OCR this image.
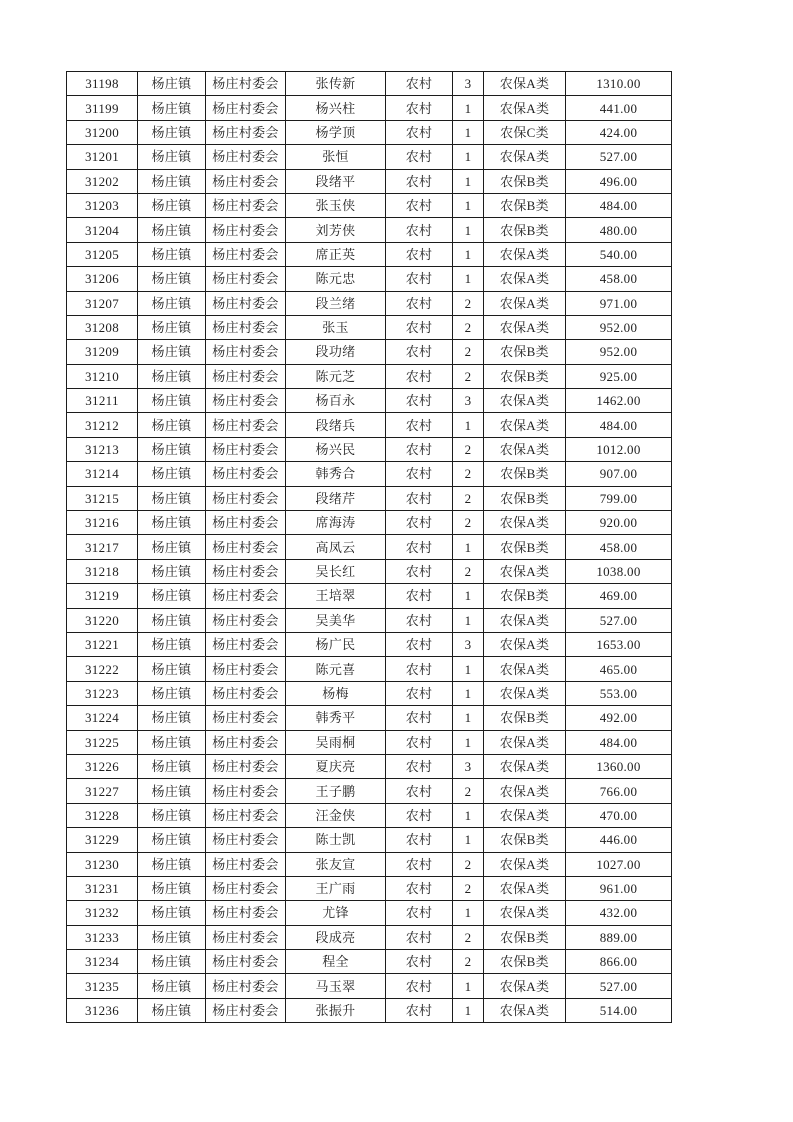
31198	杨庄镇	杨庄村委会	张传新	农村	3	农保A类	1310.00
31199	杨庄镇	杨庄村委会	杨兴柱	农村	1	农保A类	441.00
31200	杨庄镇	杨庄村委会	杨学顶	农村	1	农保C类	424.00
31201	杨庄镇	杨庄村委会	张恒	农村	1	农保A类	527.00
31202	杨庄镇	杨庄村委会	段绪平	农村	1	农保B类	496.00
31203	杨庄镇	杨庄村委会	张玉侠	农村	1	农保B类	484.00
31204	杨庄镇	杨庄村委会	刘芳侠	农村	1	农保B类	480.00
31205	杨庄镇	杨庄村委会	席正英	农村	1	农保A类	540.00
31206	杨庄镇	杨庄村委会	陈元忠	农村	1	农保A类	458.00
31207	杨庄镇	杨庄村委会	段兰绪	农村	2	农保A类	971.00
31208	杨庄镇	杨庄村委会	张玉	农村	2	农保A类	952.00
31209	杨庄镇	杨庄村委会	段功绪	农村	2	农保B类	952.00
31210	杨庄镇	杨庄村委会	陈元芝	农村	2	农保B类	925.00
31211	杨庄镇	杨庄村委会	杨百永	农村	3	农保A类	1462.00
31212	杨庄镇	杨庄村委会	段绪兵	农村	1	农保A类	484.00
31213	杨庄镇	杨庄村委会	杨兴民	农村	2	农保A类	1012.00
31214	杨庄镇	杨庄村委会	韩秀合	农村	2	农保B类	907.00
31215	杨庄镇	杨庄村委会	段绪芹	农村	2	农保B类	799.00
31216	杨庄镇	杨庄村委会	席海涛	农村	2	农保A类	920.00
31217	杨庄镇	杨庄村委会	高凤云	农村	1	农保B类	458.00
31218	杨庄镇	杨庄村委会	吴长红	农村	2	农保A类	1038.00
31219	杨庄镇	杨庄村委会	王培翠	农村	1	农保B类	469.00
31220	杨庄镇	杨庄村委会	吴美华	农村	1	农保A类	527.00
31221	杨庄镇	杨庄村委会	杨广民	农村	3	农保A类	1653.00
31222	杨庄镇	杨庄村委会	陈元喜	农村	1	农保A类	465.00
31223	杨庄镇	杨庄村委会	杨梅	农村	1	农保A类	553.00
31224	杨庄镇	杨庄村委会	韩秀平	农村	1	农保B类	492.00
31225	杨庄镇	杨庄村委会	吴雨桐	农村	1	农保A类	484.00
31226	杨庄镇	杨庄村委会	夏庆亮	农村	3	农保A类	1360.00
31227	杨庄镇	杨庄村委会	王子鹏	农村	2	农保A类	766.00
31228	杨庄镇	杨庄村委会	汪金侠	农村	1	农保A类	470.00
31229	杨庄镇	杨庄村委会	陈士凯	农村	1	农保B类	446.00
31230	杨庄镇	杨庄村委会	张友宣	农村	2	农保A类	1027.00
31231	杨庄镇	杨庄村委会	王广雨	农村	2	农保A类	961.00
31232	杨庄镇	杨庄村委会	尤锋	农村	1	农保A类	432.00
31233	杨庄镇	杨庄村委会	段成亮	农村	2	农保B类	889.00
31234	杨庄镇	杨庄村委会	程全	农村	2	农保B类	866.00
31235	杨庄镇	杨庄村委会	马玉翠	农村	1	农保A类	527.00
31236	杨庄镇	杨庄村委会	张振升	农村	1	农保A类	514.00
